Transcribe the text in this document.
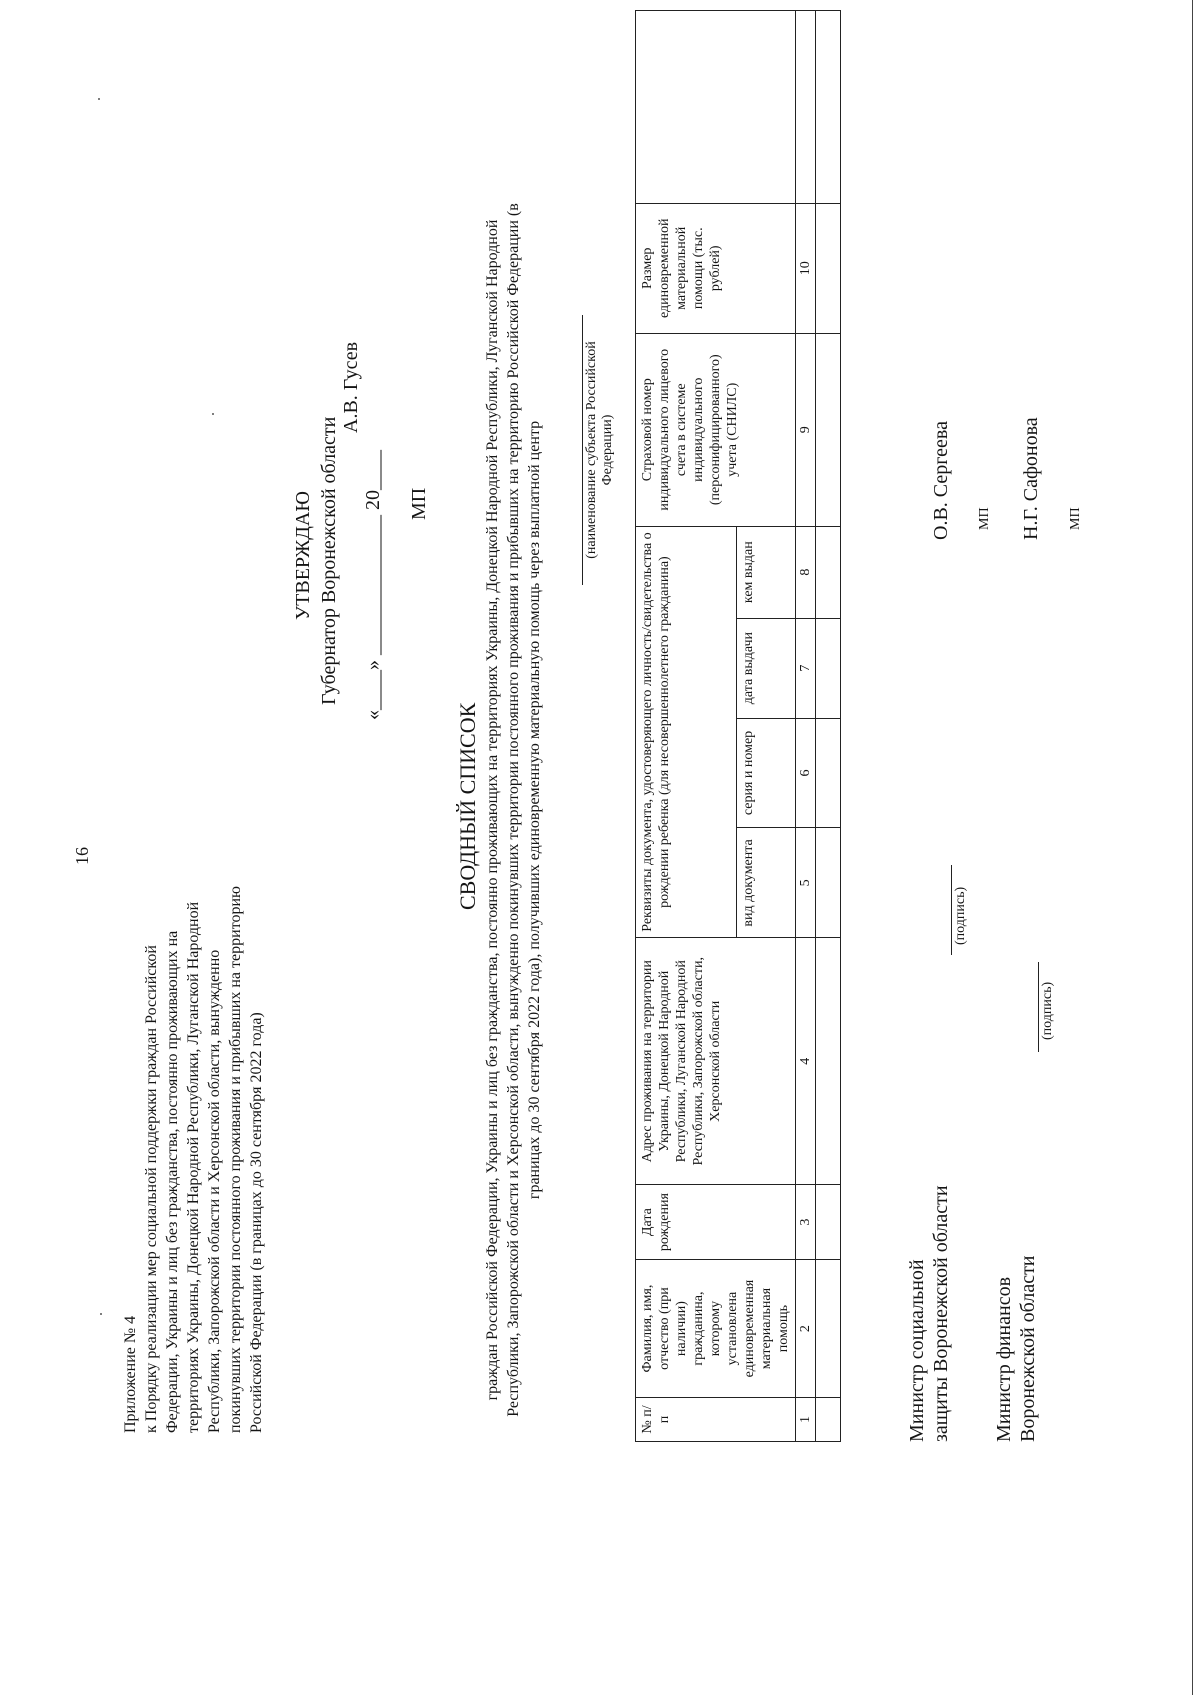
16
Приложение № 4 к Порядку реализации мер социальной поддержки граждан Российской Федерации, Украины и лиц без гражданства, постоянно проживающих на территориях Украины, Донецкой Народной Республики, Луганской Народной Республики, Запорожской области и Херсонской области, вынужденно покинувших территории постоянного проживания и прибывших на территорию Российской Федерации (в границах до 30 сентября 2022 года)
УТВЕРЖДАЮ Губернатор Воронежской области
А.В. Гусев
«____» ______________ 20____ МП
СВОДНЫЙ СПИСОК граждан Российской Федерации, Украины и лиц без гражданства, постоянно проживающих на территориях Украины, Донецкой Народной Республики, Луганской Народной Республики, Запорожской области и Херсонской области, вынужденно покинувших территории постоянного проживания и прибывших на территорию Российской Федерации (в границах до 30 сентября 2022 года), получивших единовременную материальную помощь через выплатной центр	(наименование субъекта Российской Федерации)
№ п/п	Фамилия, имя, отчество (при наличии) гражданина, которому установлена единовременная материальная помощь	Дата рождения	Адрес проживания на территории Украины, Донецкой Народной Республики, Луганской Народной Республики, Запорожской области, Херсонской области	Реквизиты документа, удостоверяющего личность/свидетельства о рождении ребенка (для несовершеннолетнего гражданина)				Страховой номер индивидуального лицевого счета в системе индивидуального (персонифицированного) учета (СНИЛС)	Размер единовременной материальной помощи (тыс. рублей)	
				вид документа	серия и номер	дата выдачи	кем выдан			
1	2	3	4	5	6	7	8	9	10	

Министр социальной защиты Воронежской области
(подпись)
О.В. Сергеева МП
Министр финансов Воронежской области
(подпись)
Н.Г. Сафонова МП
